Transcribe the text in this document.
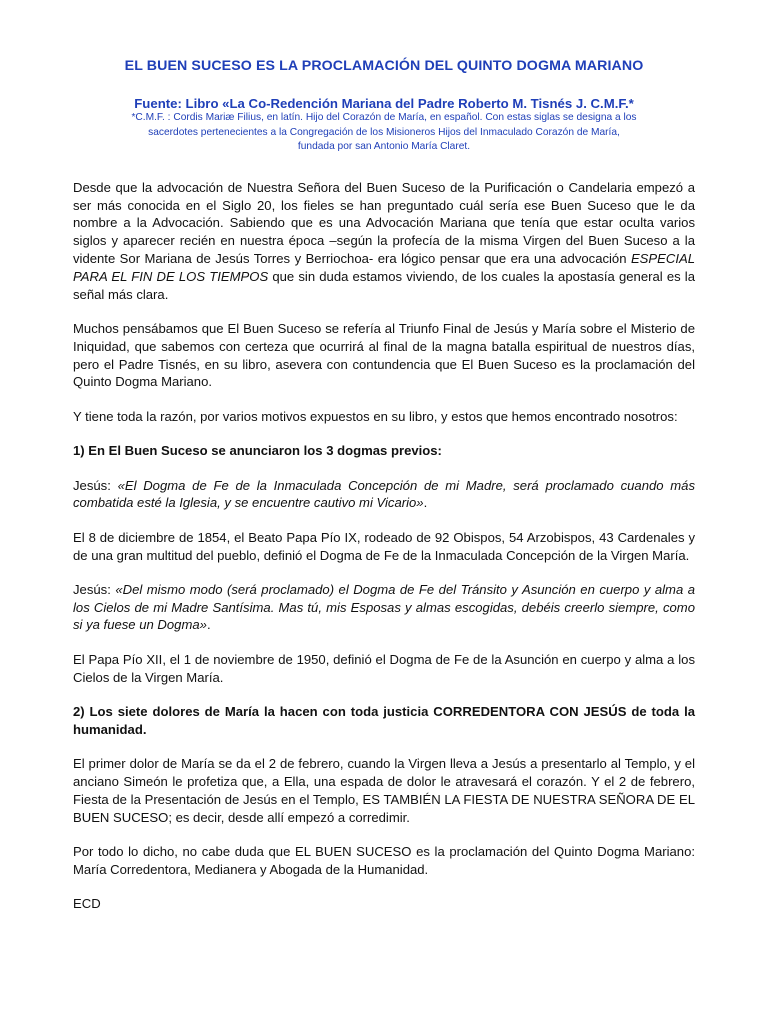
EL BUEN SUCESO ES LA PROCLAMACIÓN DEL QUINTO DOGMA MARIANO
Fuente: Libro «La Co-Redención Mariana del Padre Roberto M. Tisnés J. C.M.F.*
*C.M.F. : Cordis Mariæ Filius, en latín. Hijo del Corazón de María, en español. Con estas siglas se designa a los
sacerdotes pertenecientes a la Congregación de los Misioneros Hijos del Inmaculado Corazón de María,
fundada por san Antonio María Claret.

Desde que la advocación de Nuestra Señora del Buen Suceso de la Purificación o Candelaria empezó a ser más conocida en el Siglo 20, los fieles se han preguntado cuál sería ese Buen Suceso que le da nombre a la Advocación. Sabiendo que es una Advocación Mariana que tenía que estar oculta varios siglos y aparecer recién en nuestra época –según la profecía de la misma Virgen del Buen Suceso a la vidente Sor Mariana de Jesús Torres y Berriochoa- era lógico pensar que era una advocación ESPECIAL PARA EL FIN DE LOS TIEMPOS que sin duda estamos viviendo, de los cuales la apostasía general es la señal más clara.

Muchos pensábamos que El Buen Suceso se refería al Triunfo Final de Jesús y María sobre el Misterio de Iniquidad, que sabemos con certeza que ocurrirá al final de la magna batalla espiritual de nuestros días, pero el Padre Tisnés, en su libro, asevera con contundencia que El Buen Suceso es la proclamación del Quinto Dogma Mariano.

Y tiene toda la razón, por varios motivos expuestos en su libro, y estos que hemos encontrado nosotros:

1) En El Buen Suceso se anunciaron los 3 dogmas previos:

Jesús: «El Dogma de Fe de la Inmaculada Concepción de mi Madre, será proclamado cuando más combatida esté la Iglesia, y se encuentre cautivo mi Vicario».

El 8 de diciembre de 1854, el Beato Papa Pío IX, rodeado de 92 Obispos, 54 Arzobispos, 43 Cardenales y de una gran multitud del pueblo, definió el Dogma de Fe de la Inmaculada Concepción de la Virgen María.

Jesús: «Del mismo modo (será proclamado) el Dogma de Fe del Tránsito y Asunción en cuerpo y alma a los Cielos de mi Madre Santísima. Mas tú, mis Esposas y almas escogidas, debéis creerlo siempre, como si ya fuese un Dogma».

El Papa Pío XII, el 1 de noviembre de 1950, definió el Dogma de Fe de la Asunción en cuerpo y alma a los Cielos de la Virgen María.

2) Los siete dolores de María la hacen con toda justicia CORREDENTORA CON JESÚS de toda la humanidad.

El primer dolor de María se da el 2 de febrero, cuando la Virgen lleva a Jesús a presentarlo al Templo, y el anciano Simeón le profetiza que, a Ella, una espada de dolor le atravesará el corazón. Y el 2 de febrero, Fiesta de la Presentación de Jesús en el Templo, ES TAMBIÉN LA FIESTA DE NUESTRA SEÑORA DE EL BUEN SUCESO; es decir, desde allí empezó a corredimir.

Por todo lo dicho, no cabe duda que EL BUEN SUCESO es la proclamación del Quinto Dogma Mariano: María Corredentora, Medianera y Abogada de la Humanidad.

ECD
